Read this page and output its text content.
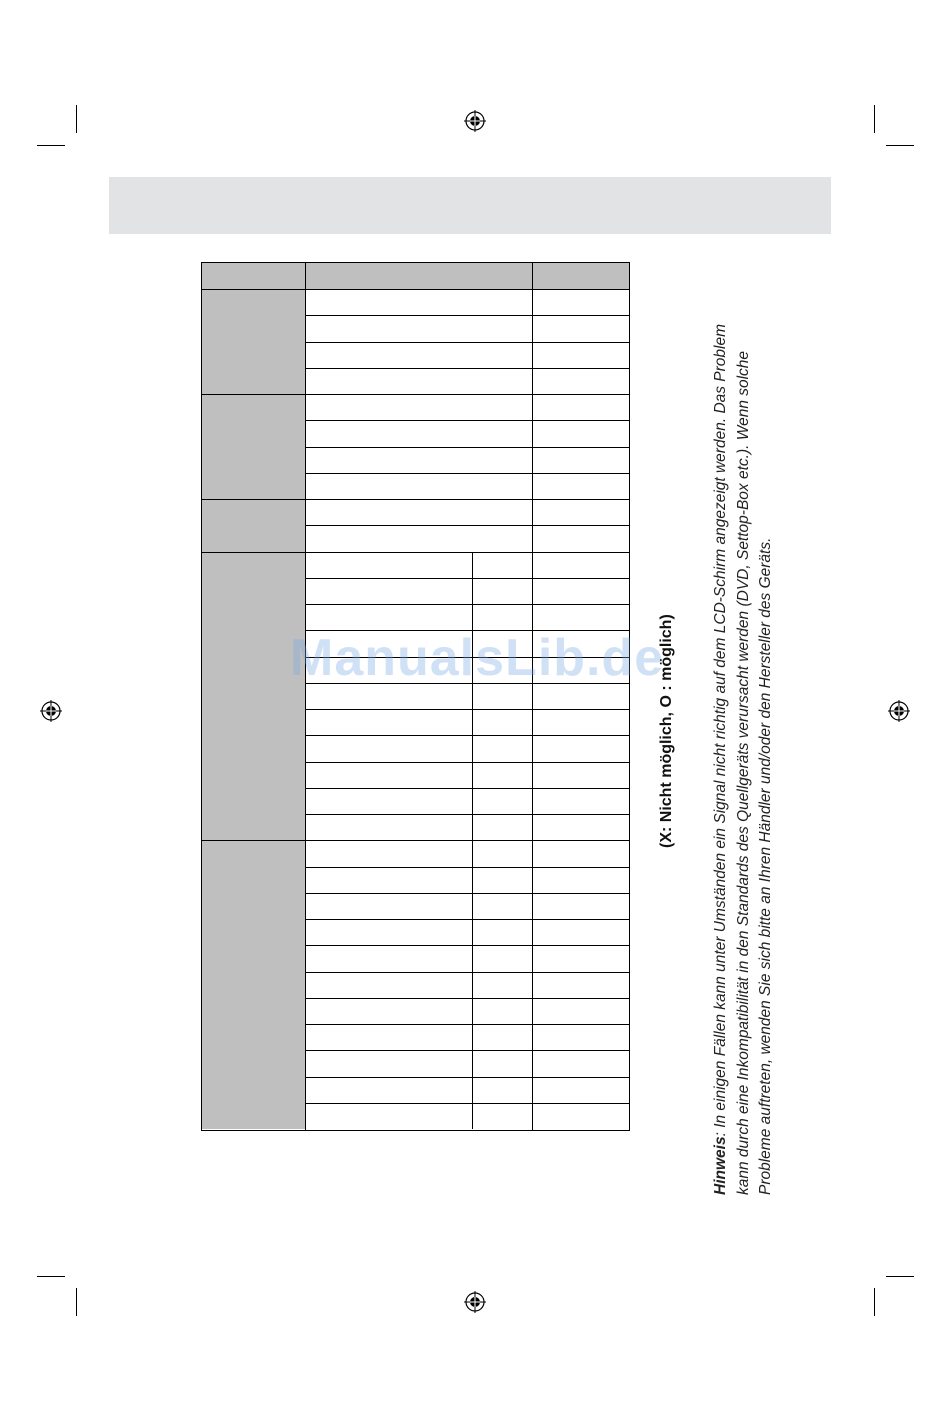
ManualsLib.de
(X: Nicht möglich, O : möglich)
Hinweis: In einigen Fällen kann unter Umständen ein Signal nicht richtig auf dem LCD-Schirm angezeigt werden. Das Problem kann durch eine Inkompatibilität in den Standards des Quellgeräts verursacht werden (DVD, Settop-Box etc.). Wenn solche Probleme auftreten, wenden Sie sich bitte an Ihren Händler und/oder den Hersteller des Geräts.
